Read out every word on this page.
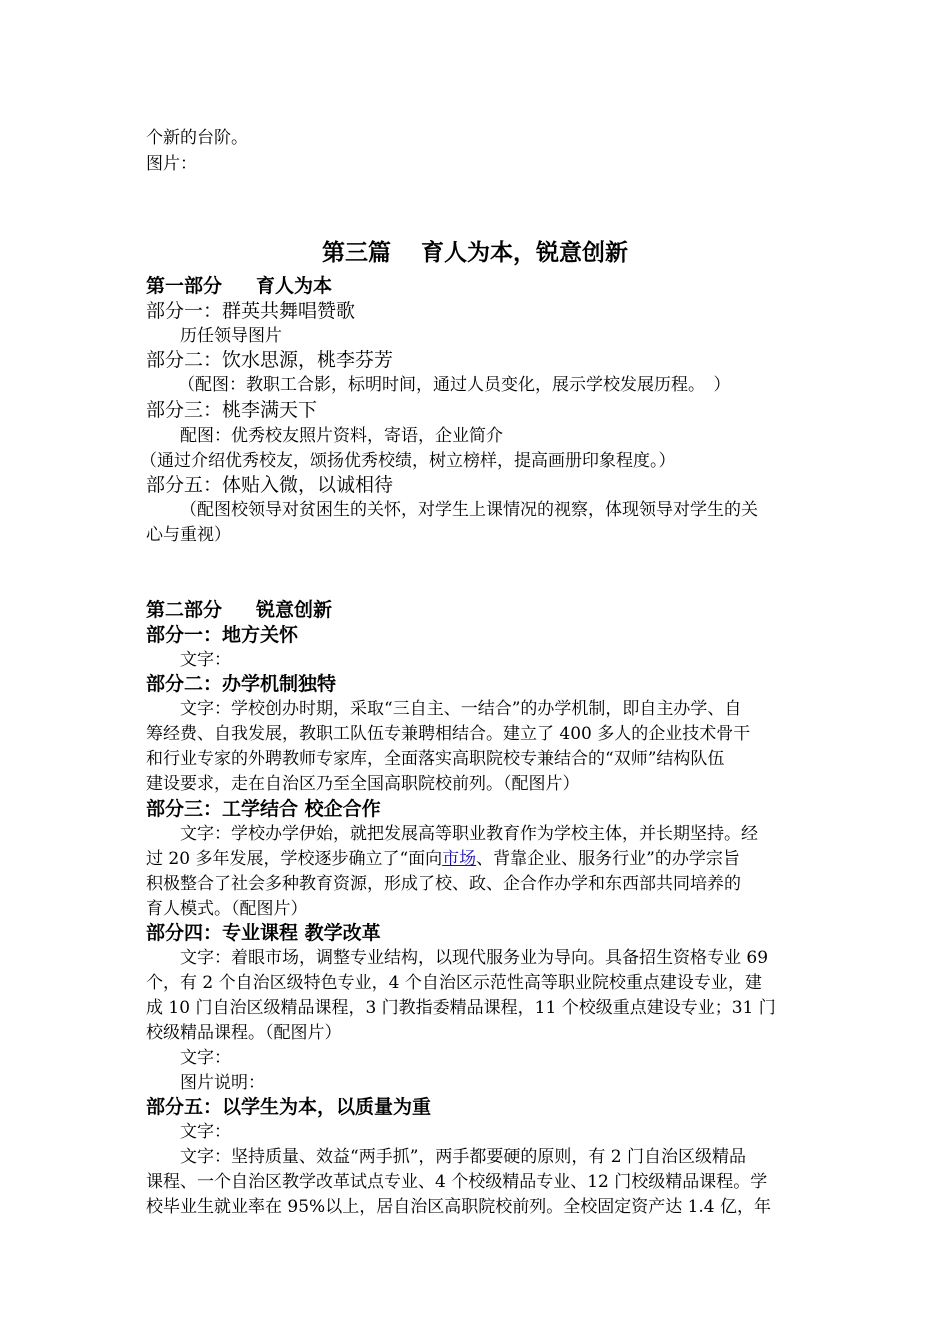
个新的台阶。
图片：
第三篇 育人为本，锐意创新
第一部分 育人为本
部分一：群英共舞唱赞歌
历任领导图片
部分二：饮水思源，桃李芬芳
（配图：教职工合影，标明时间，通过人员变化，展示学校发展历程。　）
部分三：桃李满天下
配图：优秀校友照片资料，寄语，企业简介
（通过介绍优秀校友，颂扬优秀校绩，树立榜样，提高画册印象程度。）
部分五：体贴入微，以诚相待
（配图校领导对贫困生的关怀，对学生上课情况的视察，体现领导对学生的关
心与重视）
第二部分 锐意创新
部分一：地方关怀
文字：
部分二：办学机制独特
文字：学校创办时期，采取“三自主、一结合”的办学机制，即自主办学、自
筹经费、自我发展，教职工队伍专兼聘相结合。建立了 400 多人的企业技术骨干
和行业专家的外聘教师专家库，全面落实高职院校专兼结合的“双师”结构队伍
建设要求，走在自治区乃至全国高职院校前列。（配图片）
部分三：工学结合 校企合作
文字：学校办学伊始，就把发展高等职业教育作为学校主体，并长期坚持。经
过 20 多年发展，学校逐步确立了“面向市场、背靠企业、服务行业”的办学宗旨
积极整合了社会多种教育资源，形成了校、政、企合作办学和东西部共同培养的
育人模式。（配图片）
部分四：专业课程 教学改革
文字：着眼市场，调整专业结构，以现代服务业为导向。具备招生资格专业 69
个，有 2 个自治区级特色专业，4 个自治区示范性高等职业院校重点建设专业，建
成 10 门自治区级精品课程，3 门教指委精品课程，11 个校级重点建设专业；31 门
校级精品课程。（配图片）
文字：
图片说明：
部分五：以学生为本，以质量为重
文字：
文字：坚持质量、效益“两手抓”，两手都要硬的原则，有 2 门自治区级精品
课程、一个自治区教学改革试点专业、4 个校级精品专业、12 门校级精品课程。学
校毕业生就业率在 95%以上，居自治区高职院校前列。全校固定资产达 1.4 亿，年
